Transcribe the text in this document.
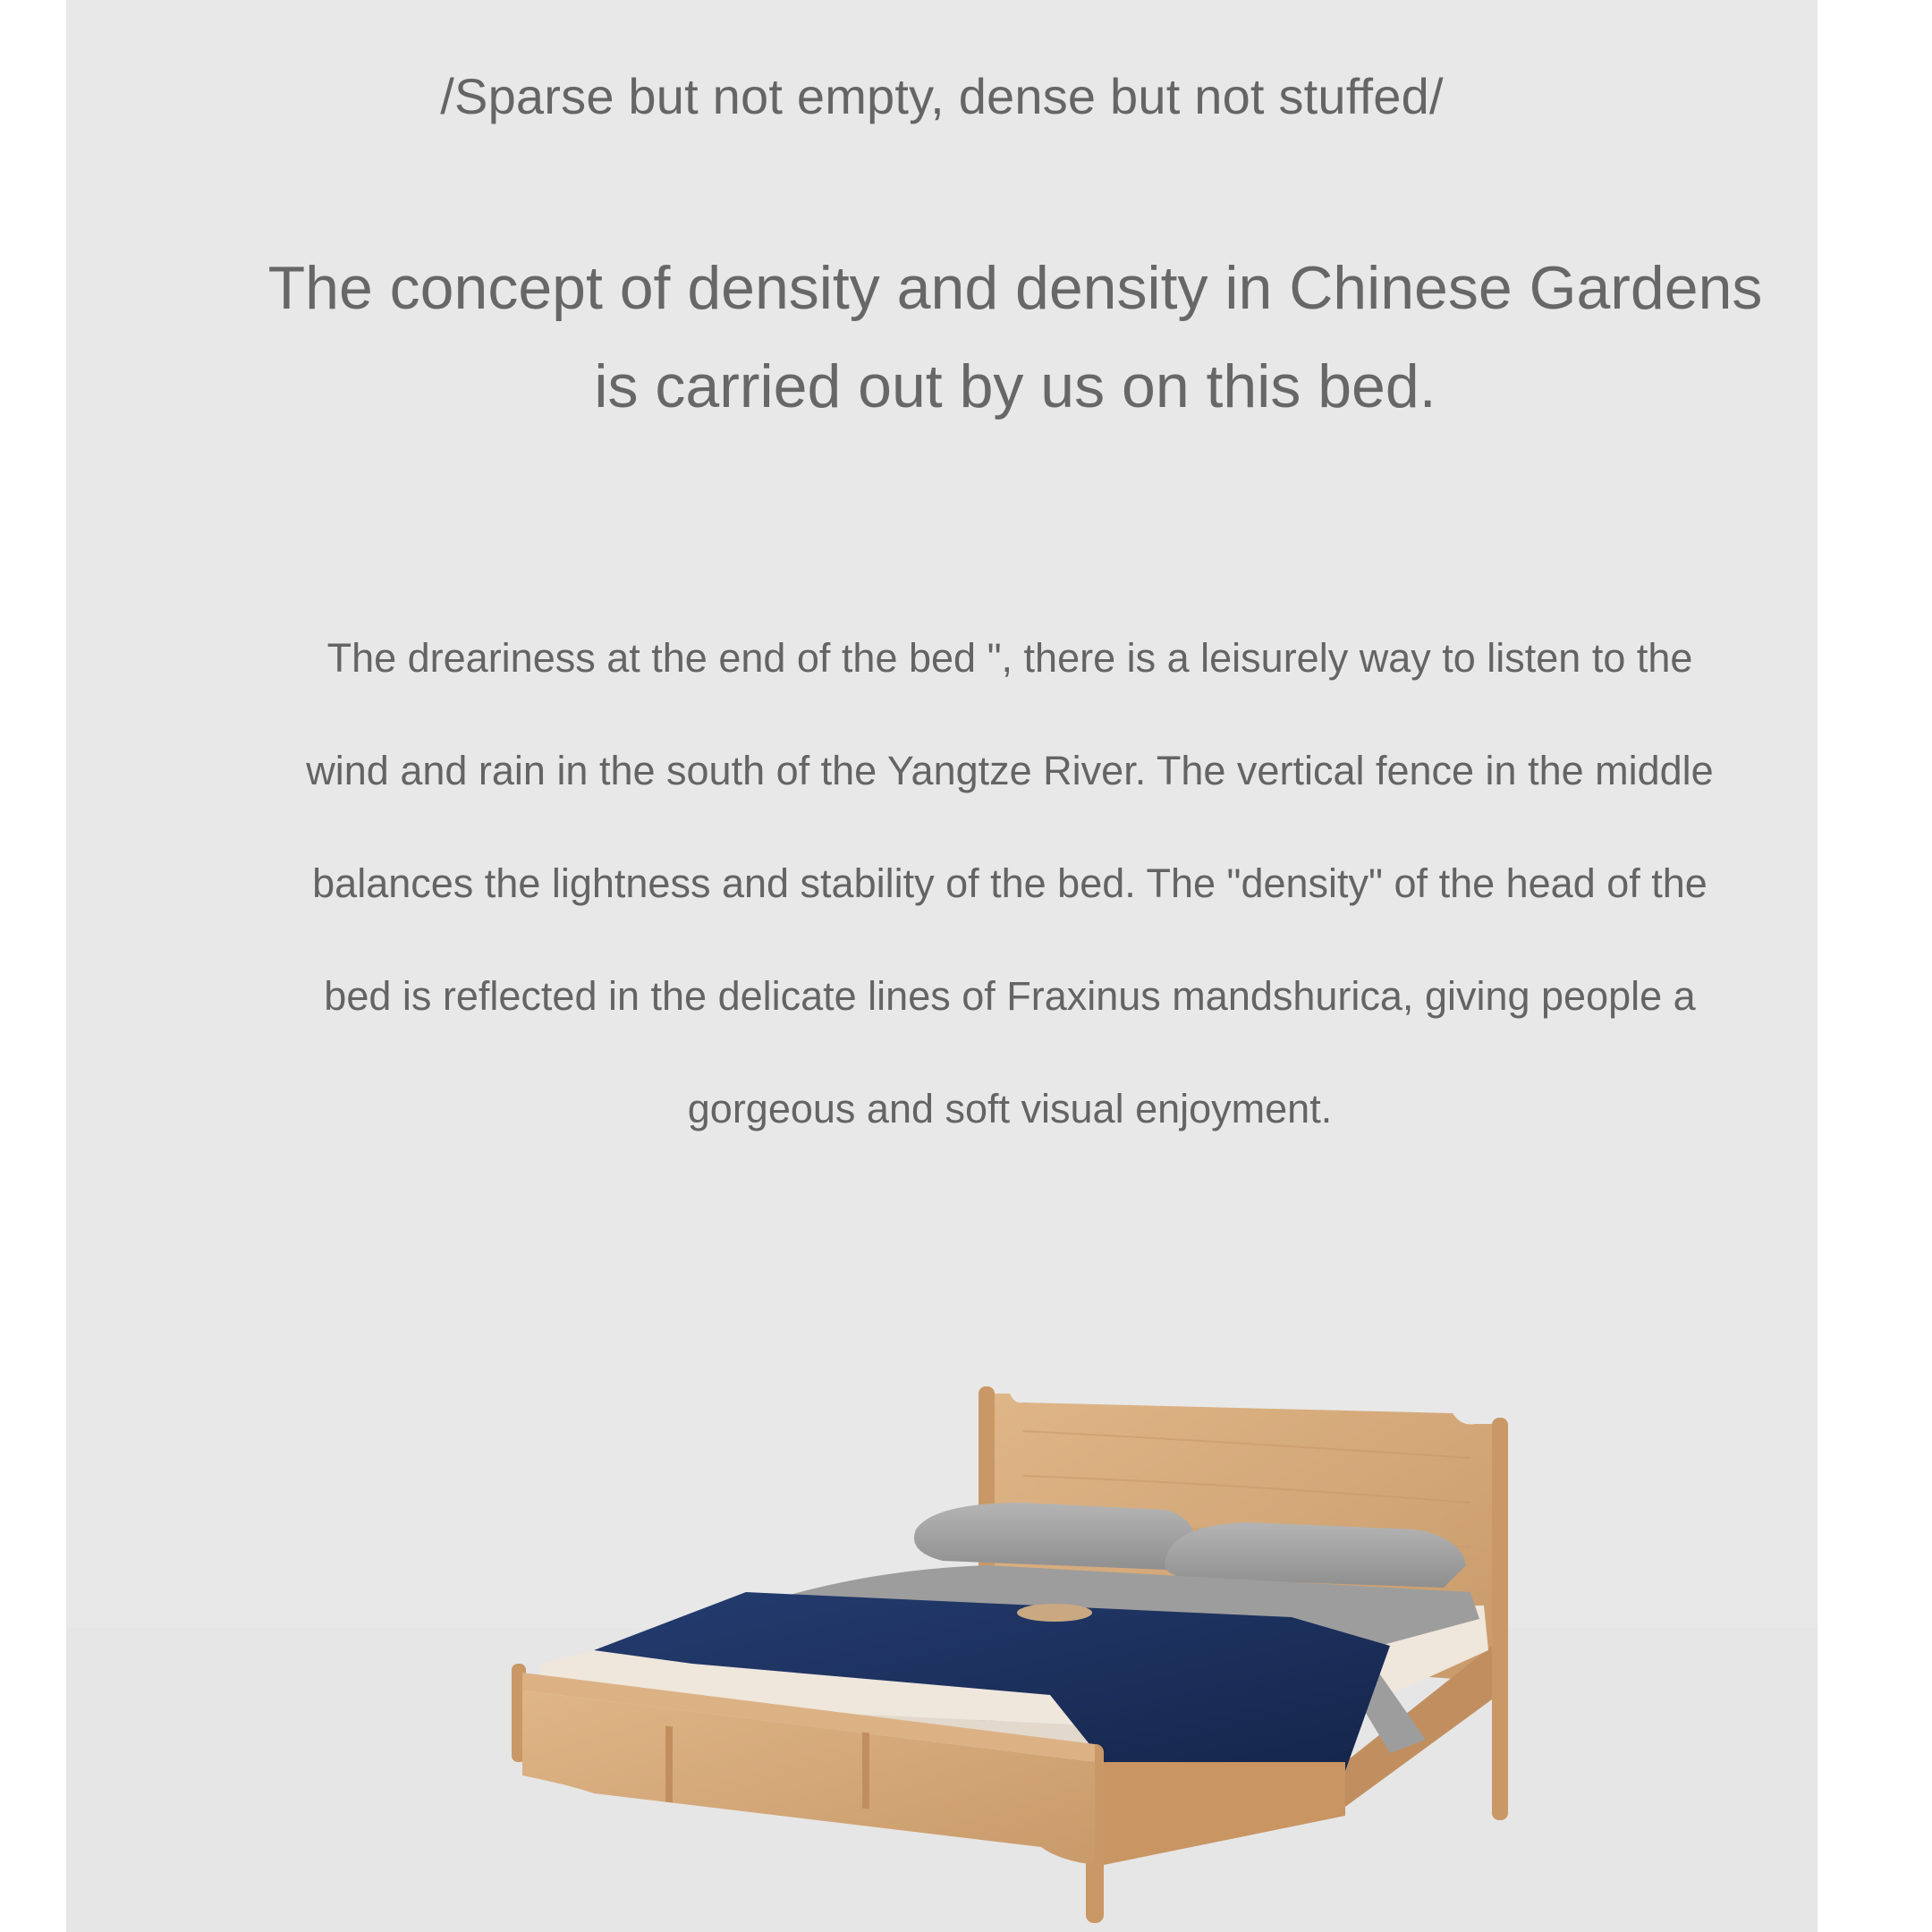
/Sparse but not empty, dense but not stuffed/

The concept of density and density in Chinese Gardens is carried out by us on this bed.

The dreariness at the end of the bed ", there is a leisurely way to listen to the wind and rain in the south of the Yangtze River. The vertical fence in the middle balances the lightness and stability of the bed. The "density" of the head of the bed is reflected in the delicate lines of Fraxinus mandshurica, giving people a gorgeous and soft visual enjoyment.
